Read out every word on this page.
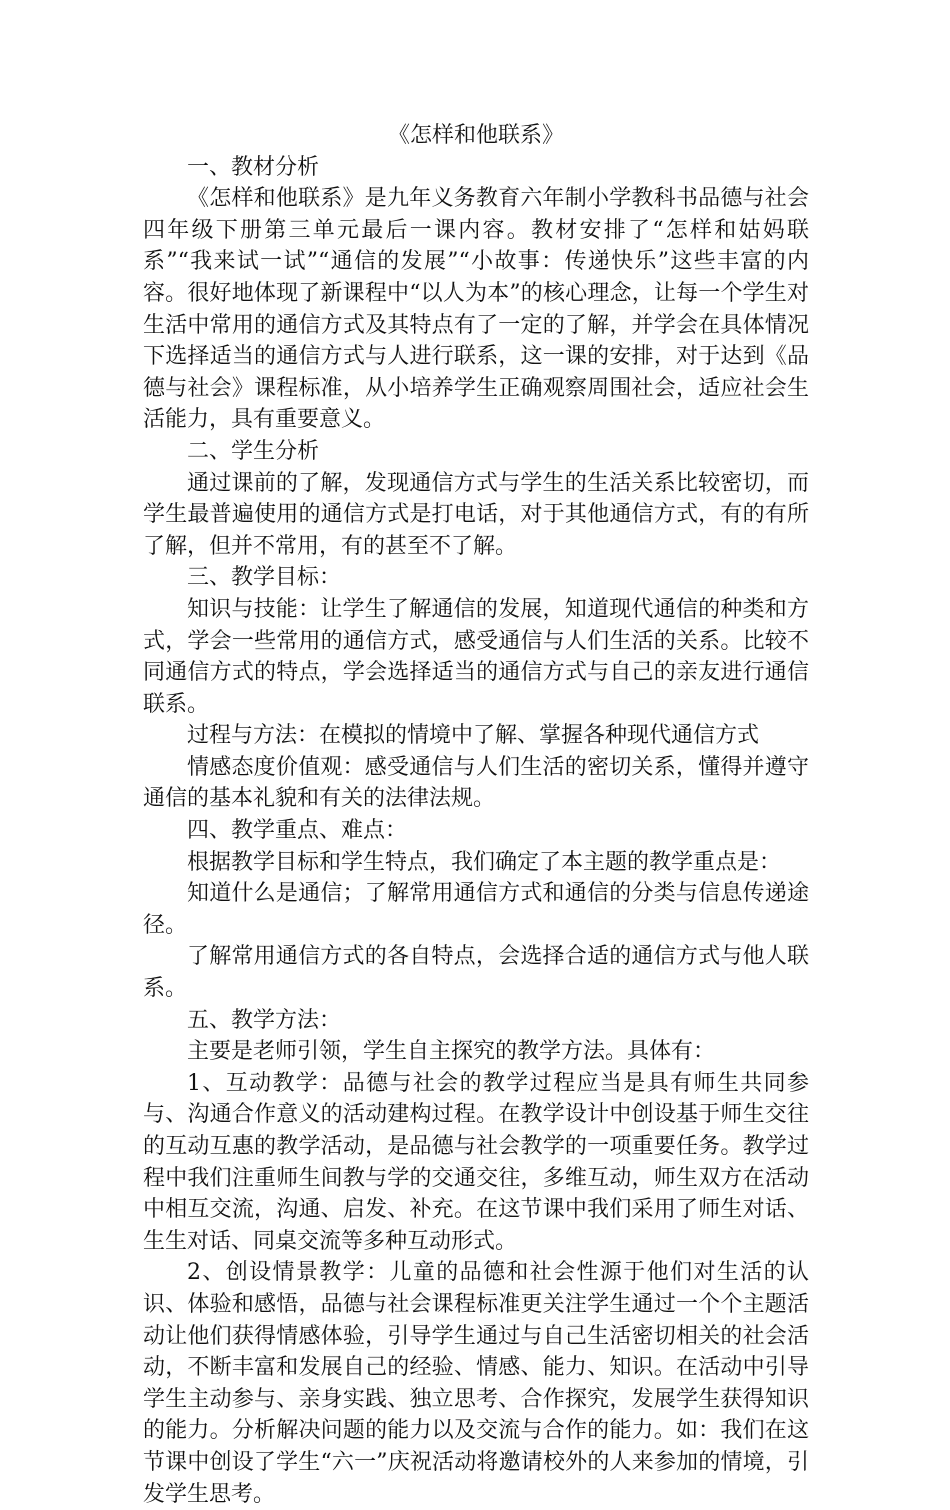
《怎样和他联系》

一、教材分析

《怎样和他联系》是九年义务教育六年制小学教科书品德与社会四年级下册第三单元最后一课内容。教材安排了“怎样和姑妈联系”“我来试一试”“通信的发展”“小故事：传递快乐”这些丰富的内容。很好地体现了新课程中“以人为本”的核心理念，让每一个学生对生活中常用的通信方式及其特点有了一定的了解，并学会在具体情况下选择适当的通信方式与人进行联系，这一课的安排，对于达到《品德与社会》课程标准，从小培养学生正确观察周围社会，适应社会生活能力，具有重要意义。

二、学生分析

通过课前的了解，发现通信方式与学生的生活关系比较密切，而学生最普遍使用的通信方式是打电话，对于其他通信方式，有的有所了解，但并不常用，有的甚至不了解。

三、教学目标：

知识与技能：让学生了解通信的发展，知道现代通信的种类和方式，学会一些常用的通信方式，感受通信与人们生活的关系。比较不同通信方式的特点，学会选择适当的通信方式与自己的亲友进行通信联系。

过程与方法：在模拟的情境中了解、掌握各种现代通信方式

情感态度价值观：感受通信与人们生活的密切关系，懂得并遵守通信的基本礼貌和有关的法律法规。

四、教学重点、难点：

根据教学目标和学生特点，我们确定了本主题的教学重点是：

知道什么是通信；了解常用通信方式和通信的分类与信息传递途径。

了解常用通信方式的各自特点，会选择合适的通信方式与他人联系。

五、教学方法：

主要是老师引领，学生自主探究的教学方法。具体有：

1、互动教学：品德与社会的教学过程应当是具有师生共同参与、沟通合作意义的活动建构过程。在教学设计中创设基于师生交往的互动互惠的教学活动，是品德与社会教学的一项重要任务。教学过程中我们注重师生间教与学的交通交往，多维互动，师生双方在活动中相互交流，沟通、启发、补充。在这节课中我们采用了师生对话、生生对话、同桌交流等多种互动形式。

2、创设情景教学：儿童的品德和社会性源于他们对生活的认识、体验和感悟，品德与社会课程标准更关注学生通过一个个主题活动让他们获得情感体验，引导学生通过与自己生活密切相关的社会活动，不断丰富和发展自己的经验、情感、能力、知识。在活动中引导学生主动参与、亲身实践、独立思考、合作探究，发展学生获得知识的能力。分析解决问题的能力以及交流与合作的能力。如：我们在这节课中创设了学生“六一”庆祝活动将邀请校外的人来参加的情境，引发学生思考。
